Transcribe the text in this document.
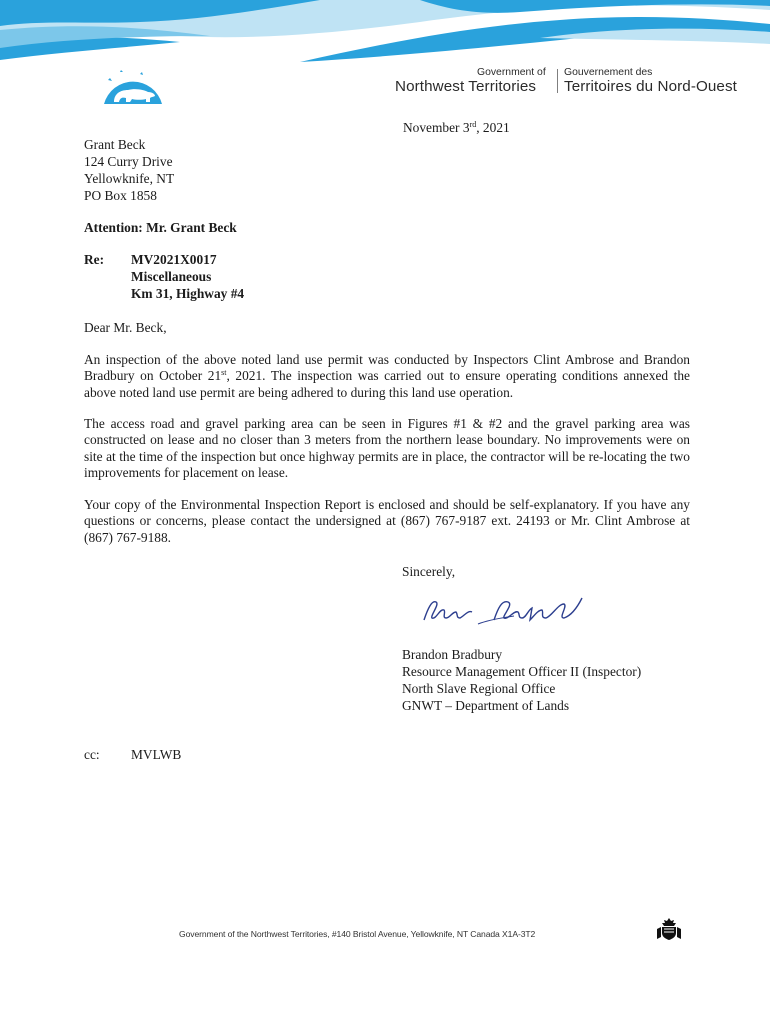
Government of
Northwest Territories
Gouvernement des
Territoires du Nord-Ouest
November 3rd, 2021
Grant Beck
124 Curry Drive
Yellowknife, NT
PO Box 1858
Attention: Mr. Grant Beck
Re: MV2021X0017
Miscellaneous
Km 31, Highway #4
Dear Mr. Beck,
An inspection of the above noted land use permit was conducted by Inspectors Clint Ambrose and Brandon Bradbury on October 21st, 2021. The inspection was carried out to ensure operating conditions annexed the above noted land use permit are being adhered to during this land use operation.
The access road and gravel parking area can be seen in Figures #1 & #2 and the gravel parking area was constructed on lease and no closer than 3 meters from the northern lease boundary. No improvements were on site at the time of the inspection but once highway permits are in place, the contractor will be re-locating the two improvements for placement on lease.
Your copy of the Environmental Inspection Report is enclosed and should be self-explanatory. If you have any questions or concerns, please contact the undersigned at (867) 767-9187 ext. 24193 or Mr. Clint Ambrose at (867) 767-9188.
Sincerely,
Brandon Bradbury
Resource Management Officer II (Inspector)
North Slave Regional Office
GNWT – Department of Lands
cc: MVLWB
Government of the Northwest Territories, #140 Bristol Avenue, Yellowknife, NT Canada X1A-3T2
